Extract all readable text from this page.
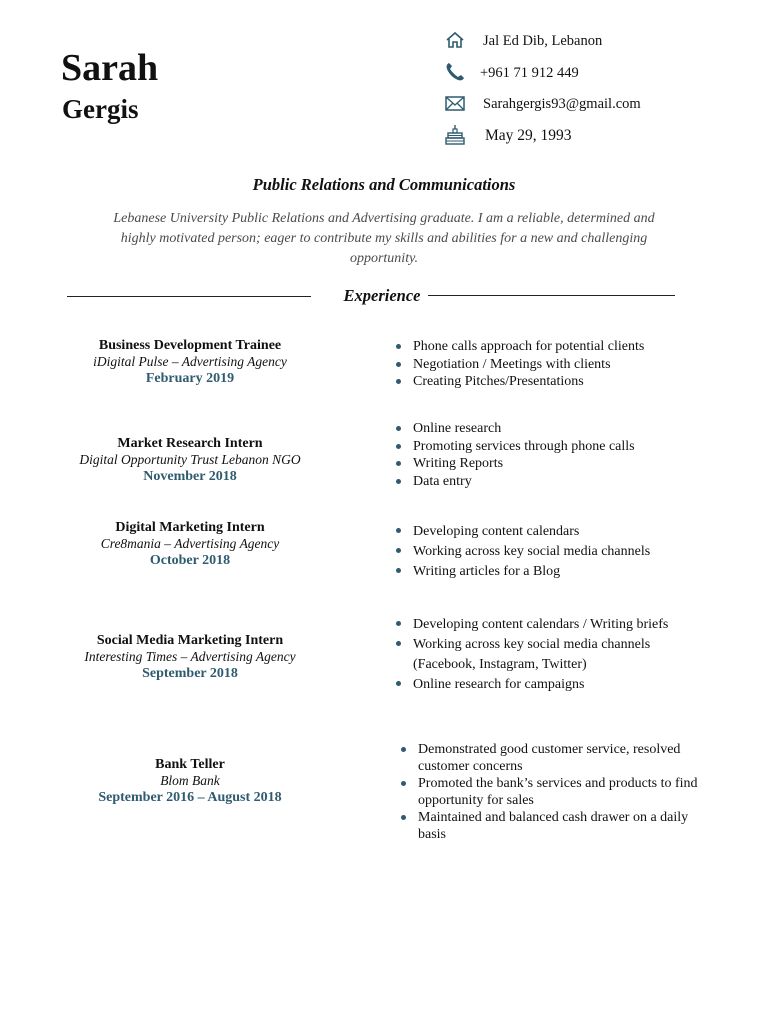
Sarah
Gergis
Jal Ed Dib, Lebanon
+961 71 912 449
Sarahgergis93@gmail.com
May 29, 1993
Public Relations and Communications
Lebanese University Public Relations and Advertising graduate. I am a reliable, determined and highly motivated person; eager to contribute my skills and abilities for a new and challenging opportunity.
Experience
Business Development Trainee
iDigital Pulse – Advertising Agency
February 2019
Phone calls approach for potential clients
Negotiation / Meetings with clients
Creating Pitches/Presentations
Market Research Intern
Digital Opportunity Trust Lebanon NGO
November 2018
Online research
Promoting services through phone calls
Writing Reports
Data entry
Digital Marketing Intern
Cre8mania – Advertising Agency
October 2018
Developing content calendars
Working across key social media channels
Writing articles for a Blog
Social Media Marketing Intern
Interesting Times – Advertising Agency
September 2018
Developing content calendars / Writing briefs
Working across key social media channels
(Facebook, Instagram, Twitter)
Online research for campaigns
Bank Teller
Blom Bank
September 2016 – August 2018
Demonstrated good customer service, resolved
customer concerns
Promoted the bank’s services and products to find
opportunity for sales
Maintained and balanced cash drawer on a daily
basis
